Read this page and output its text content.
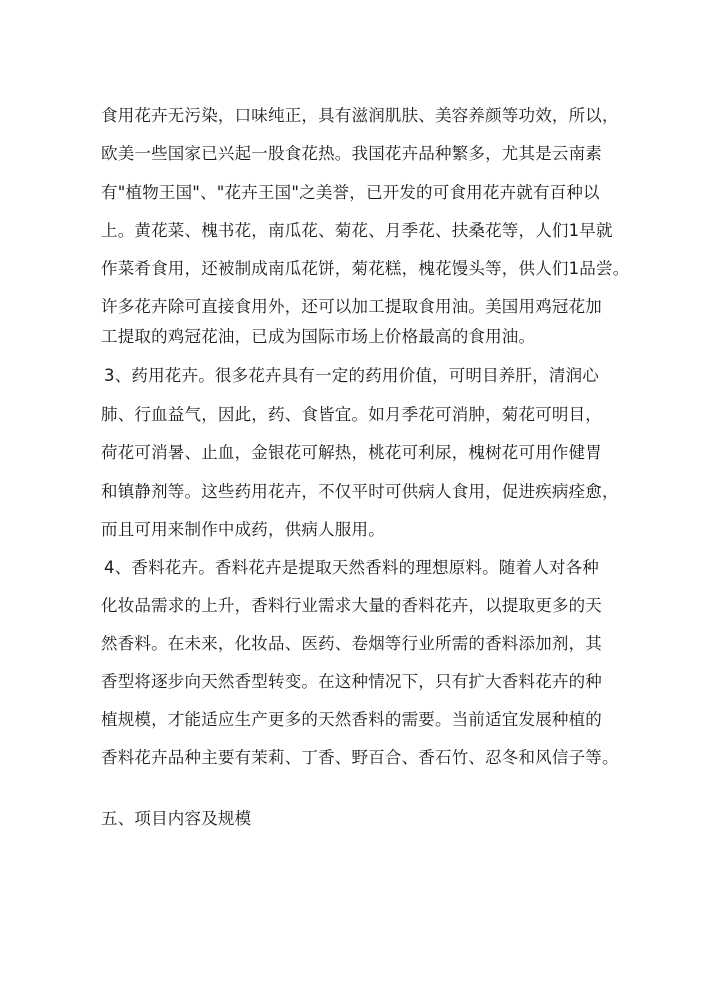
食用花卉无污染，口味纯正，具有滋润肌肤、美容养颜等功效，所以，
欧美一些国家已兴起一股食花热。我国花卉品种繁多，尤其是云南素
有"植物王国"、"花卉王国"之美誉，已开发的可食用花卉就有百种以
上。黄花菜、槐书花，南瓜花、菊花、月季花、扶桑花等，人们1早就
作菜肴食用，还被制成南瓜花饼，菊花糕，槐花馒头等，供人们1品尝。
许多花卉除可直接食用外，还可以加工提取食用油。美国用鸡冠花加
工提取的鸡冠花油，已成为国际市场上价格最高的食用油。
3、药用花卉。很多花卉具有一定的药用价值，可明目养肝，清润心
肺、行血益气，因此，药、食皆宜。如月季花可消肿，菊花可明目，
荷花可消暑、止血，金银花可解热，桃花可利尿，槐树花可用作健胃
和镇静剂等。这些药用花卉，不仅平时可供病人食用，促进疾病痊愈，
而且可用来制作中成药，供病人服用。
4、香料花卉。香料花卉是提取天然香料的理想原料。随着人对各种
化妆品需求的上升，香料行业需求大量的香料花卉，以提取更多的天
然香料。在未来，化妆品、医药、卷烟等行业所需的香料添加剂，其
香型将逐步向天然香型转变。在这种情况下，只有扩大香料花卉的种
植规模，才能适应生产更多的天然香料的需要。当前适宜发展种植的
香料花卉品种主要有茉莉、丁香、野百合、香石竹、忍冬和风信子等。
五、项目内容及规模
